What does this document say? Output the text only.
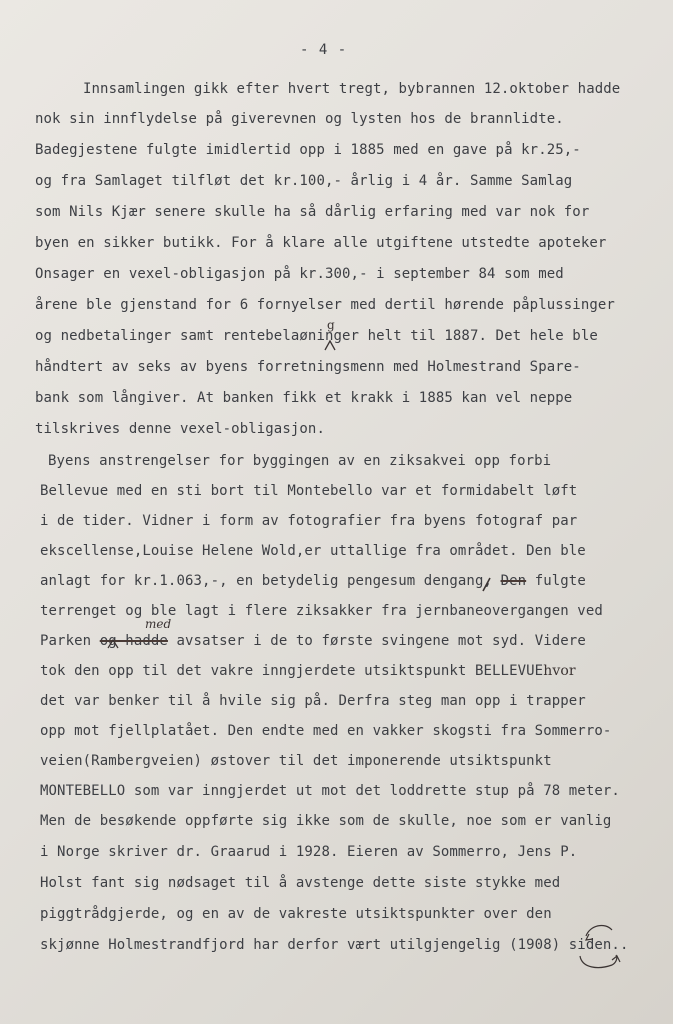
- 4 -
Innsamlingen gikk efter hvert tregt, bybrannen 12.oktober hadde
nok sin innflydelse på giverevnen og lysten hos de brannlidte.
Badegjestene fulgte imidlertid opp i 1885 med en gave på kr.25,-
og fra Samlaget tilfløt det kr.100,- årlig i 4 år. Samme Samlag
som Nils Kjær senere skulle ha så dårlig erfaring med var nok for
byen en sikker butikk. For å klare alle utgiftene utstedte apoteker
Onsager en vexel-obligasjon på kr.300,- i september 84 som med
årene ble gjenstand for 6 fornyelser med dertil hørende påplussinger
og nedbetalinger samt rentebelaøninger helt til 1887. Det hele ble
håndtert av seks av byens forretningsmenn med Holmestrand Spare-
bank som långiver. At banken fikk et krakk i 1885 kan vel neppe
tilskrives denne vexel-obligasjon.
Byens anstrengelser for byggingen av en ziksakvei opp forbi
Bellevue med en sti bort til Montebello var et formidabelt løft
i de tider. Vidner i form av fotografier fra byens fotograf par
ekscellense,Louise Helene Wold,er uttallige fra området. Den ble
anlagt for kr.1.063,-, en betydelig pengesum dengang, Den fulgte
terrenget og ble lagt i flere ziksakker fra jernbaneovergangen ved
med
Parken og hadde avsatser i de to første svingene mot syd. Videre
tok den opp til det vakre inngjerdete utsiktspunkt BELLEVUE hvor
det var benker til å hvile sig på. Derfra steg man opp i trapper
opp mot fjellplatået. Den endte med en vakker skogsti fra Sommerro-
veien(Rambergveien) østover til det imponerende utsiktspunkt
MONTEBELLO som var inngjerdet ut mot det loddrette stup på 78 meter.
Men de besøkende oppførte sig ikke som de skulle, noe som er vanlig
i Norge skriver dr. Graarud i 1928. Eieren av Sommerro, Jens P.
Holst fant sig nødsaget til å avstenge dette siste stykke med
piggtrådgjerde, og en av de vakreste utsiktspunkter over den
skjønne Holmestrandfjord har derfor vært utilgjengelig (1908) siden..
g
